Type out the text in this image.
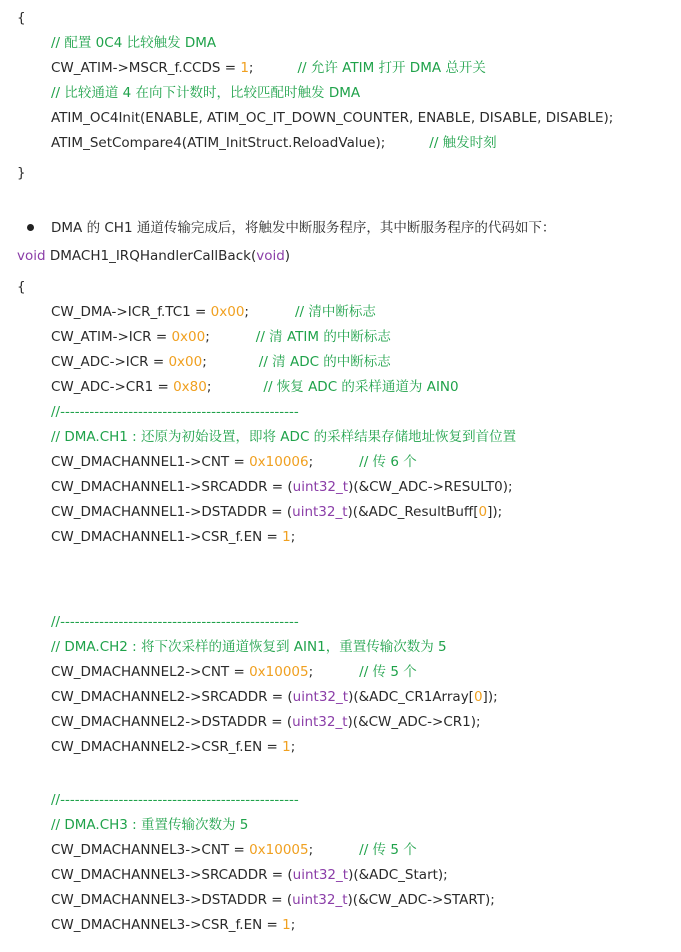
{
// 配置 0C4 比较触发 DMA
CW_ATIM->MSCR_f.CCDS = 1;	// 允许 ATIM 打开 DMA 总开关
// 比较通道 4 在向下计数时，比较匹配时触发 DMA
ATIM_OC4Init(ENABLE, ATIM_OC_IT_DOWN_COUNTER, ENABLE, DISABLE, DISABLE);
ATIM_SetCompare4(ATIM_InitStruct.ReloadValue);	// 触发时刻
}
DMA 的 CH1 通道传输完成后，将触发中断服务程序，其中断服务程序的代码如下：
void DMACH1_IRQHandlerCallBack(void)
{
CW_DMA->ICR_f.TC1 = 0x00;	// 清中断标志
CW_ATIM->ICR = 0x00;	// 清 ATIM 的中断标志
CW_ADC->ICR = 0x00;	// 清 ADC 的中断标志
CW_ADC->CR1 = 0x80;	// 恢复 ADC 的采样通道为 AIN0
//-------------------------------------------------
// DMA.CH1 : 还原为初始设置，即将 ADC 的采样结果存储地址恢复到首位置
CW_DMACHANNEL1->CNT = 0x10006;	// 传 6 个
CW_DMACHANNEL1->SRCADDR = (uint32_t)(&CW_ADC->RESULT0);
CW_DMACHANNEL1->DSTADDR = (uint32_t)(&ADC_ResultBuff[0]);
CW_DMACHANNEL1->CSR_f.EN = 1;
//-------------------------------------------------
// DMA.CH2 : 将下次采样的通道恢复到 AIN1，重置传输次数为 5
CW_DMACHANNEL2->CNT = 0x10005;	// 传 5 个
CW_DMACHANNEL2->SRCADDR = (uint32_t)(&ADC_CR1Array[0]);
CW_DMACHANNEL2->DSTADDR = (uint32_t)(&CW_ADC->CR1);
CW_DMACHANNEL2->CSR_f.EN = 1;
//-------------------------------------------------
// DMA.CH3 : 重置传输次数为 5
CW_DMACHANNEL3->CNT = 0x10005;	// 传 5 个
CW_DMACHANNEL3->SRCADDR = (uint32_t)(&ADC_Start);
CW_DMACHANNEL3->DSTADDR = (uint32_t)(&CW_ADC->START);
CW_DMACHANNEL3->CSR_f.EN = 1;
